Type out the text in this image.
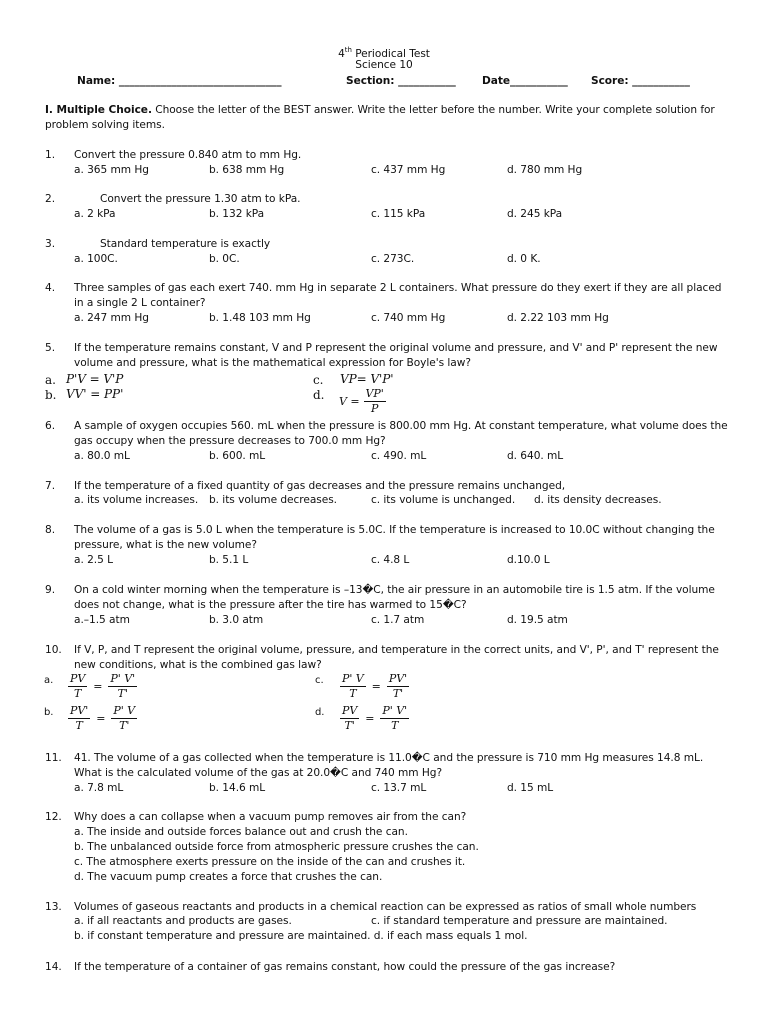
4th Periodical Test
Science 10
Name: _______________________________	Section: ___________ Date___________ Score: ___________
I. Multiple Choice. Choose the letter of the BEST answer. Write the letter before the number. Write your complete solution for
problem solving items.
1. Convert the pressure 0.840 atm to mm Hg.
a. 365 mm Hg	b. 638 mm Hg	c. 437 mm Hg	d. 780 mm Hg
2.	Convert the pressure 1.30 atm to kPa.
a. 2 kPa	b. 132 kPa	c. 115 kPa	d. 245 kPa
3.	Standard temperature is exactly
a. 100C.	b. 0C.	c. 273C.	d. 0 K.
4. Three samples of gas each exert 740. mm Hg in separate 2 L containers. What pressure do they exert if they are all placed
in a single 2 L container?
a. 247 mm Hg	b. 1.48 103 mm Hg	c. 740 mm Hg	d. 2.22 103 mm Hg
5. If the temperature remains constant, V and P represent the original volume and pressure, and V' and P' represent the new
volume and pressure, what is the mathematical expression for Boyle's law?
a. P'V = V'P
b. VV' = PP'
c. VP= V'P'
d. $V = \frac{VP'}{P}$
6. A sample of oxygen occupies 560. mL when the pressure is 800.00 mm Hg. At constant temperature, what volume does the
gas occupy when the pressure decreases to 700.0 mm Hg?
a. 80.0 mL	b. 600. mL	c. 490. mL	d. 640. mL
7. If the temperature of a fixed quantity of gas decreases and the pressure remains unchanged,
a. its volume increases. b. its volume decreases.	c. its volume is unchanged. d. its density decreases.
8. The volume of a gas is 5.0 L when the temperature is 5.0C. If the temperature is increased to 10.0C without changing the
pressure, what is the new volume?
a. 2.5 L	b. 5.1 L	c. 4.8 L	d.10.0 L
9. On a cold winter morning when the temperature is –13�C, the air pressure in an automobile tire is 1.5 atm. If the volume
does not change, what is the pressure after the tire has warmed to 15�C?
a.–1.5 atm	b. 3.0 atm	c. 1.7 atm	d. 19.5 atm
10. If V, P, and T represent the original volume, pressure, and temperature in the correct units, and V', P', and T' represent the
new conditions, what is the combined gas law?
a. $\frac{PV}{T} = \frac{P' V'}{T'}$	c. $\frac{P' V}{T} = \frac{PV'}{T'}$
b. $\frac{PV'}{T} = \frac{P' V}{T'}$	d. $\frac{PV}{T'} = \frac{P' V'}{T}$
11. 41. The volume of a gas collected when the temperature is 11.0�C and the pressure is 710 mm Hg measures 14.8 mL.
What is the calculated volume of the gas at 20.0�C and 740 mm Hg?
a. 7.8 mL	b. 14.6 mL	c. 13.7 mL	d. 15 mL
12. Why does a can collapse when a vacuum pump removes air from the can?
a. The inside and outside forces balance out and crush the can.
b. The unbalanced outside force from atmospheric pressure crushes the can.
c. The atmosphere exerts pressure on the inside of the can and crushes it.
d. The vacuum pump creates a force that crushes the can.
13. Volumes of gaseous reactants and products in a chemical reaction can be expressed as ratios of small whole numbers
a. if all reactants and products are gases.	c. if standard temperature and pressure are maintained.
b. if constant temperature and pressure are maintained. d. if each mass equals 1 mol.
14. If the temperature of a container of gas remains constant, how could the pressure of the gas increase?
